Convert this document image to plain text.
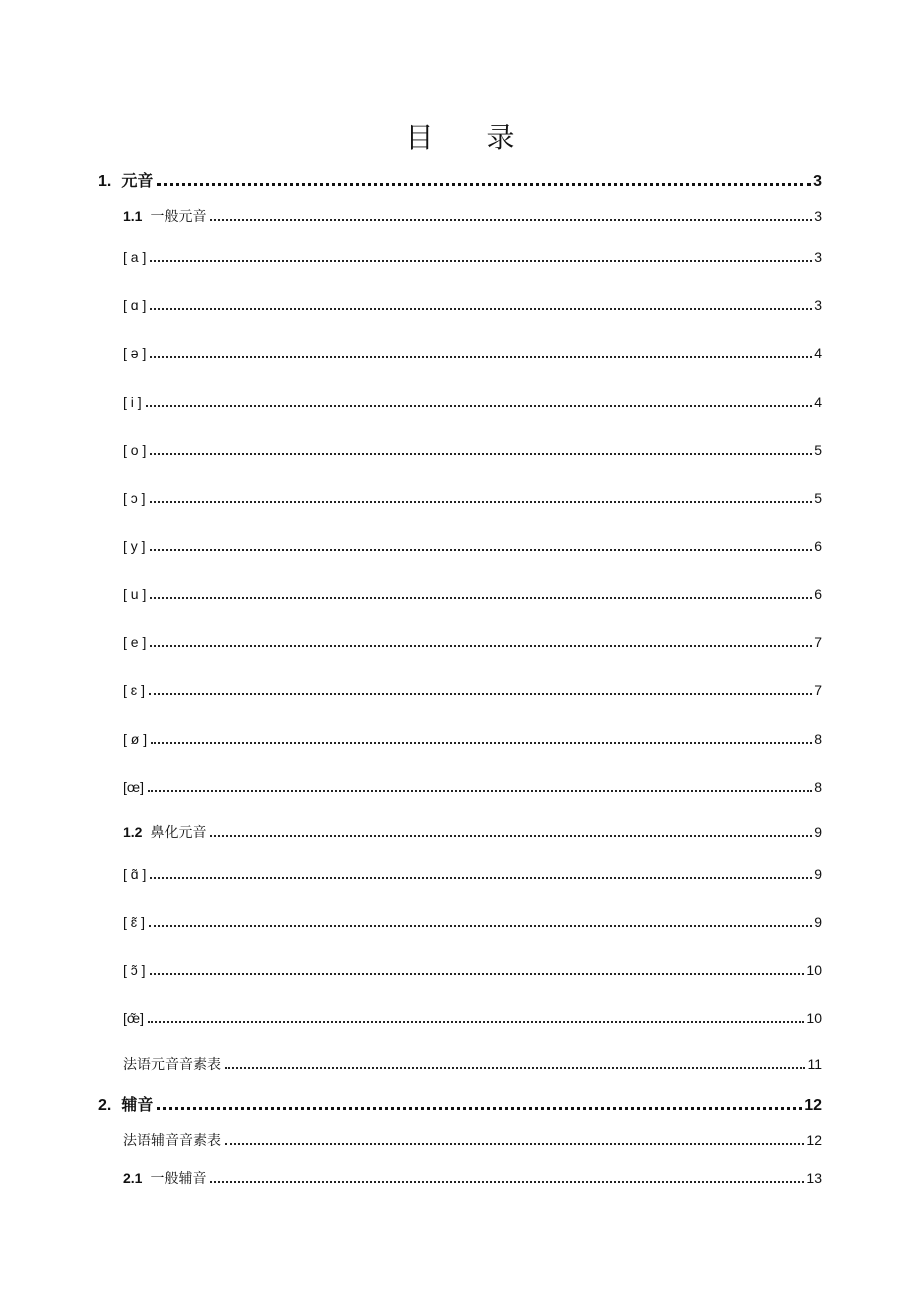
目 录
1. 元音	3
1.1 一般元音	3
[ a ]	3
[ ɑ ]	3
[ ə ]	4
[ i ]	4
[ o ]	5
[ ɔ ]	5
[ y ]	6
[ u ]	6
[ e ]	7
[ ɛ ]	7
[ ø ]	8
[œ]	8
1.2 鼻化元音	9
[ ɑ̃ ]	9
[ ɛ̃ ]	9
[ ɔ̃ ]	10
[œ̃]	10
法语元音音素表	11
2. 辅音	12
法语辅音音素表	12
2.1 一般辅音	13
